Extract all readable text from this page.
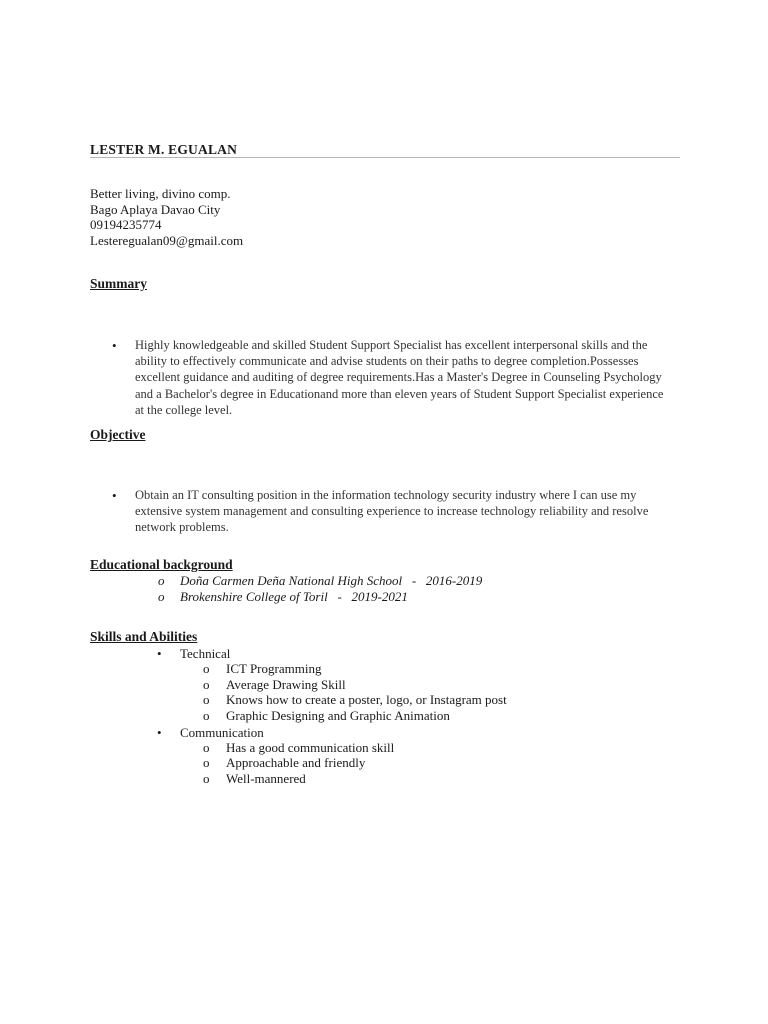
LESTER M. EGUALAN
Better living, divino comp.
Bago Aplaya Davao City
09194235774
Lesteregualan09@gmail.com
Summary
• Highly knowledgeable and skilled Student Support Specialist has excellent interpersonal skills and the ability to effectively communicate and advise students on their paths to degree completion.Possesses excellent guidance and auditing of degree requirements.Has a Master's Degree in Counseling Psychology and a Bachelor's degree in Educationand more than eleven years of Student Support Specialist experience at the college level.

Objective
• Obtain an IT consulting position in the information technology security industry where I can use my extensive system management and consulting experience to increase technology reliability and resolve network problems.

Educational background
o Doña Carmen Deña National High School   -   2016-2019
o Brokenshire College of Toril   -   2019-2021
Skills and Abilities
• Technical
o ICT Programming
o Average Drawing Skill
o Knows how to create a poster, logo, or Instagram post
o Graphic Designing and Graphic Animation
• Communication
o Has a good communication skill
o Approachable and friendly
o Well-mannered
